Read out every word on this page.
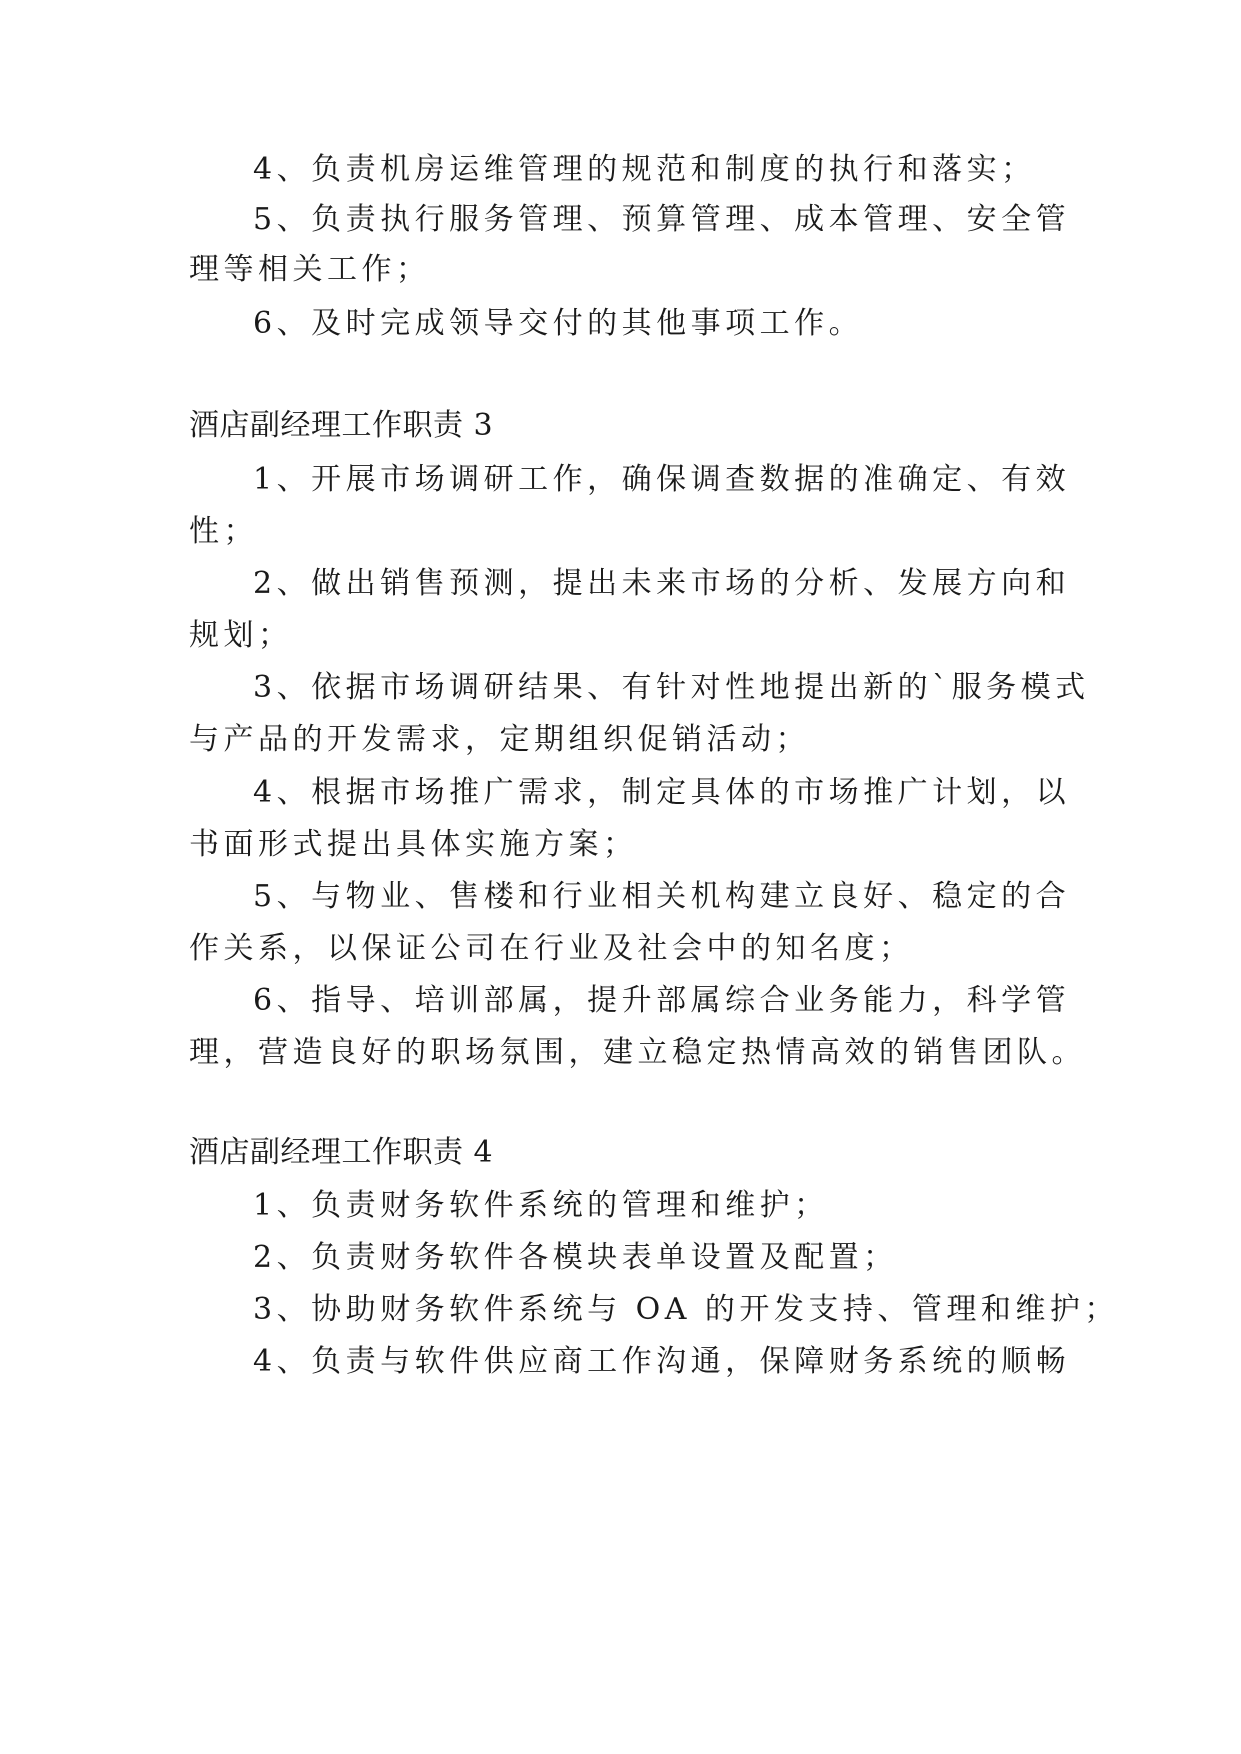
4、负责机房运维管理的规范和制度的执行和落实；
5、负责执行服务管理、预算管理、成本管理、安全管
理等相关工作；
6、及时完成领导交付的其他事项工作。
酒店副经理工作职责 3
1、开展市场调研工作，确保调查数据的准确定、有效
性；
2、做出销售预测，提出未来市场的分析、发展方向和
规划；
3、依据市场调研结果、有针对性地提出新的`服务模式
与产品的开发需求，定期组织促销活动；
4、根据市场推广需求，制定具体的市场推广计划，以
书面形式提出具体实施方案；
5、与物业、售楼和行业相关机构建立良好、稳定的合
作关系，以保证公司在行业及社会中的知名度；
6、指导、培训部属，提升部属综合业务能力，科学管
理，营造良好的职场氛围，建立稳定热情高效的销售团队。
酒店副经理工作职责 4
1、负责财务软件系统的管理和维护；
2、负责财务软件各模块表单设置及配置；
3、协助财务软件系统与 OA 的开发支持、管理和维护；
4、负责与软件供应商工作沟通，保障财务系统的顺畅
